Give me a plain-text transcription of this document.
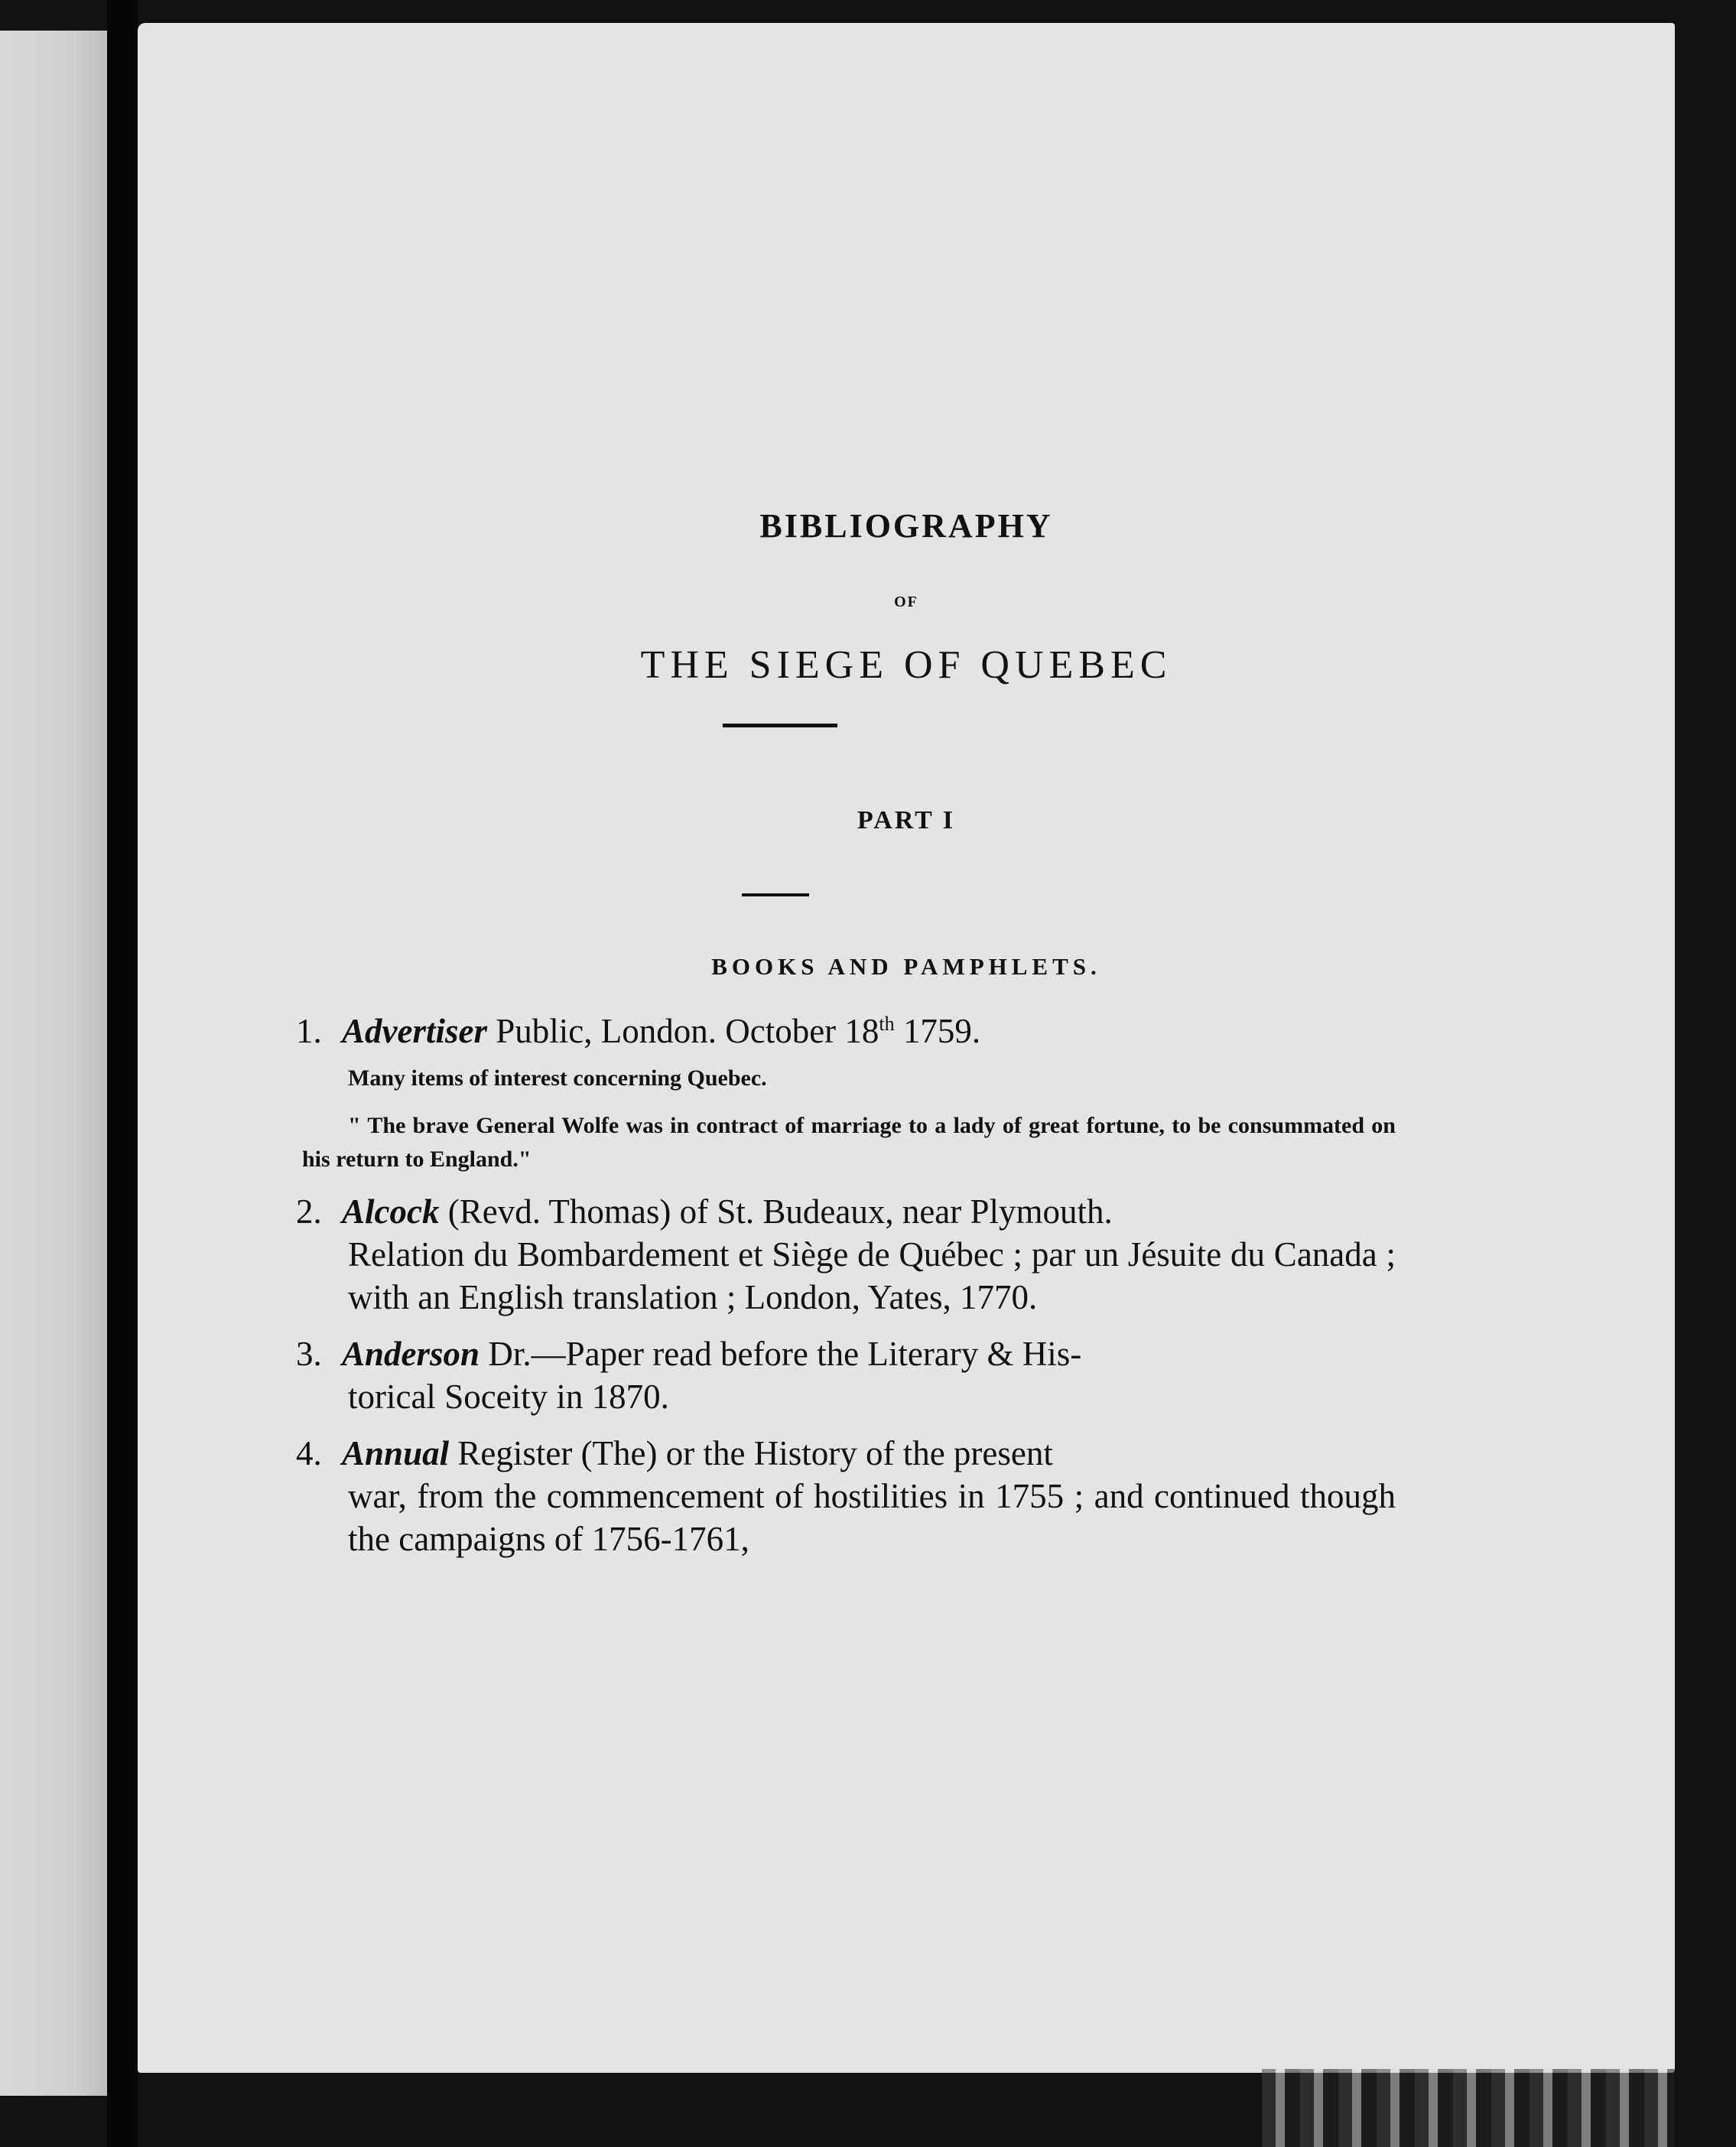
BIBLIOGRAPHY
OF
THE SIEGE OF QUEBEC
PART I
BOOKS AND PAMPHLETS.
1. Advertiser Public, London. October 18th 1759.
Many items of interest concerning Quebec.
" The brave General Wolfe was in contract of marriage to a lady of great fortune, to be consummated on his return to England."
2. Alcock (Revd. Thomas) of St. Budeaux, near Plymouth.
Relation du Bombardement et Siège de Québec ; par un Jésuite du Canada ; with an English translation ; London, Yates, 1770.
3. Anderson Dr.—Paper read before the Literary & His-
torical Soceity in 1870.
4. Annual Register (The) or the History of the present
war, from the commencement of hostilities in 1755 ; and continued though the campaigns of 1756-1761,
